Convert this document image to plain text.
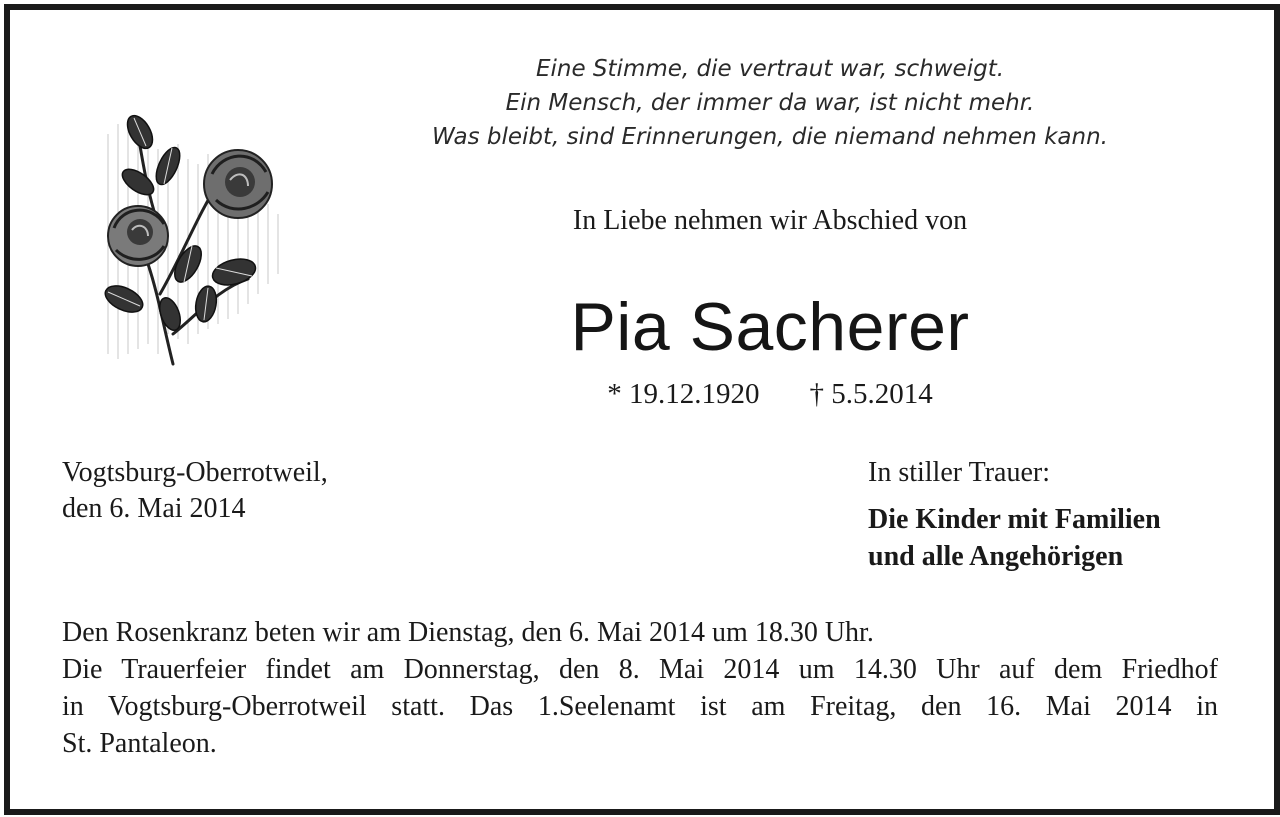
Eine Stimme, die vertraut war, schweigt.
Ein Mensch, der immer da war, ist nicht mehr.
Was bleibt, sind Erinnerungen, die niemand nehmen kann.
In Liebe nehmen wir Abschied von
Pia Sacherer
* 19.12.1920 † 5.5.2014
Vogtsburg-Oberrotweil,
den 6. Mai 2014
In stiller Trauer:
Die Kinder mit Familien
und alle Angehörigen
Den Rosenkranz beten wir am Dienstag, den 6. Mai 2014 um 18.30 Uhr.
Die Trauerfeier findet am Donnerstag, den 8. Mai 2014 um 14.30 Uhr auf dem Friedhof
in Vogtsburg-Oberrotweil statt. Das 1.Seelenamt ist am Freitag, den 16. Mai 2014 in
St. Pantaleon.
